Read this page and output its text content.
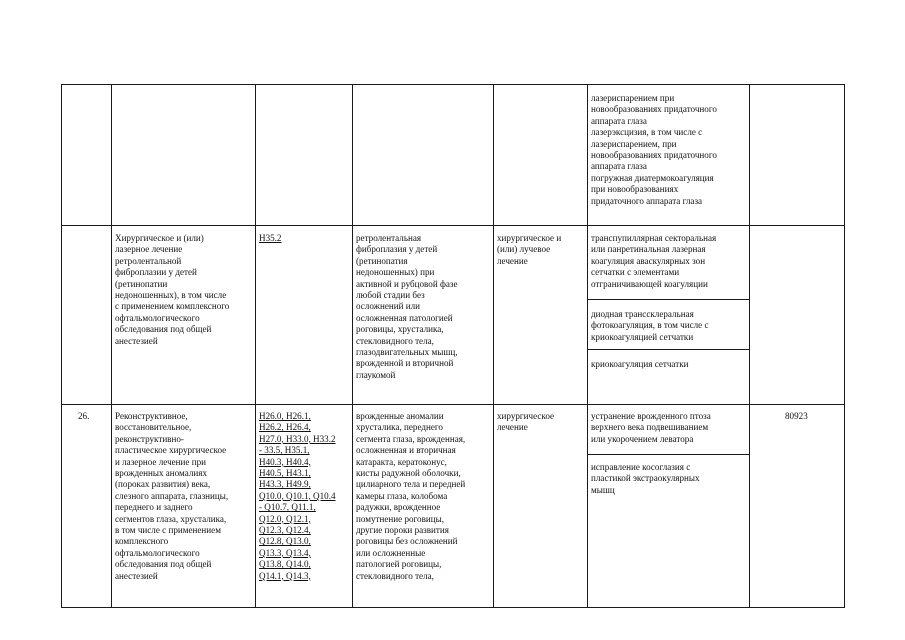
лазериспарением при
новообразованиях придаточного
аппарата глаза
лазерэксцизия, в том числе с
лазериспарением, при
новообразованиях придаточного
аппарата глаза
погружная диатермокоагуляция
при новообразованиях
придаточного аппарата глаза
Хирургическое и (или)
лазерное лечение
ретролентальной
фиброплазии у детей
(ретинопатии
недоношенных), в том числе
с применением комплексного
офтальмологического
обследования под общей
анестезией
H35.2	ретролентальная
фиброплазия у детей
(ретинопатия
недоношенных) при
активной и рубцовой фазе
любой стадии без
осложнений или
осложненная патологией
роговицы, хрусталика,
стекловидного тела,
глазодвигательных мышц,
врожденной и вторичной
глаукомой
хирургическое и
(или) лучевое
лечение
транспупиллярная секторальная
или панретинальная лазерная
коагуляция аваскулярных зон
сетчатки с элементами
отграничивающей коагуляции
диодная транссклеральная
фотокоагуляция, в том числе с
криокоагуляцией сетчатки
криокоагуляция сетчатки
26.	Реконструктивное,
восстановительное,
реконструктивно-
пластическое хирургическое
и лазерное лечение при
врожденных аномалиях
(пороках развития) века,
слезного аппарата, глазницы,
переднего и заднего
сегментов глаза, хрусталика,
в том числе с применением
комплексного
офтальмологического
обследования под общей
анестезией
H26.0, H26.1,
H26.2, H26.4,
H27.0, H33.0, H33.2
- 33.5, H35.1,
H40.3, H40.4,
H40.5, H43.1,
H43.3, H49.9,
Q10.0, Q10.1, Q10.4
- Q10.7, Q11.1,
Q12.0, Q12.1,
Q12.3, Q12.4,
Q12.8, Q13.0,
Q13.3, Q13.4,
Q13.8, Q14.0,
Q14.1, Q14.3,
врожденные аномалии
хрусталика, переднего
сегмента глаза, врожденная,
осложненная и вторичная
катаракта, кератоконус,
кисты радужной оболочки,
цилиарного тела и передней
камеры глаза, колобома
радужки, врожденное
помутнение роговицы,
другие пороки развития
роговицы без осложнений
или осложненные
патологией роговицы,
стекловидного тела,
хирургическое
лечение
устранение врожденного птоза
верхнего века подвешиванием
или укорочением леватора
исправление косоглазия с
пластикой экстраокулярных
мышц
80923
